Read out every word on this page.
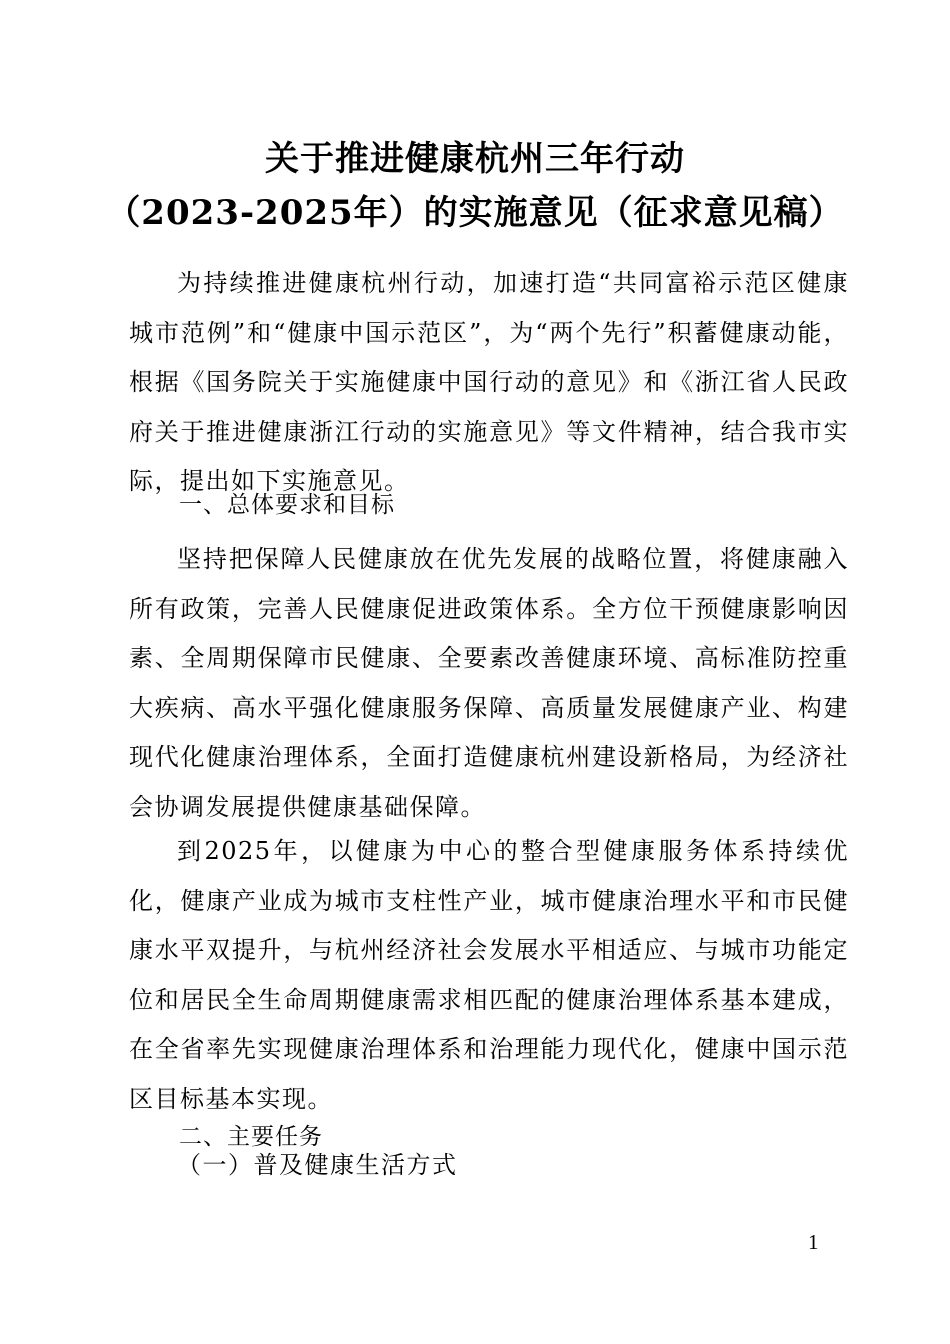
关于推进健康杭州三年行动
（2023-2025年）的实施意见（征求意见稿）

为持续推进健康杭州行动，加速打造“共同富裕示范区健康城市范例”和“健康中国示范区”，为“两个先行”积蓄健康动能，根据《国务院关于实施健康中国行动的意见》和《浙江省人民政府关于推进健康浙江行动的实施意见》等文件精神，结合我市实际，提出如下实施意见。

一、总体要求和目标

坚持把保障人民健康放在优先发展的战略位置，将健康融入所有政策，完善人民健康促进政策体系。全方位干预健康影响因素、全周期保障市民健康、全要素改善健康环境、高标准防控重大疾病、高水平强化健康服务保障、高质量发展健康产业、构建现代化健康治理体系，全面打造健康杭州建设新格局，为经济社会协调发展提供健康基础保障。

到2025年，以健康为中心的整合型健康服务体系持续优化，健康产业成为城市支柱性产业，城市健康治理水平和市民健康水平双提升，与杭州经济社会发展水平相适应、与城市功能定位和居民全生命周期健康需求相匹配的健康治理体系基本建成，在全省率先实现健康治理体系和治理能力现代化，健康中国示范区目标基本实现。

二、主要任务
（一）普及健康生活方式
1
